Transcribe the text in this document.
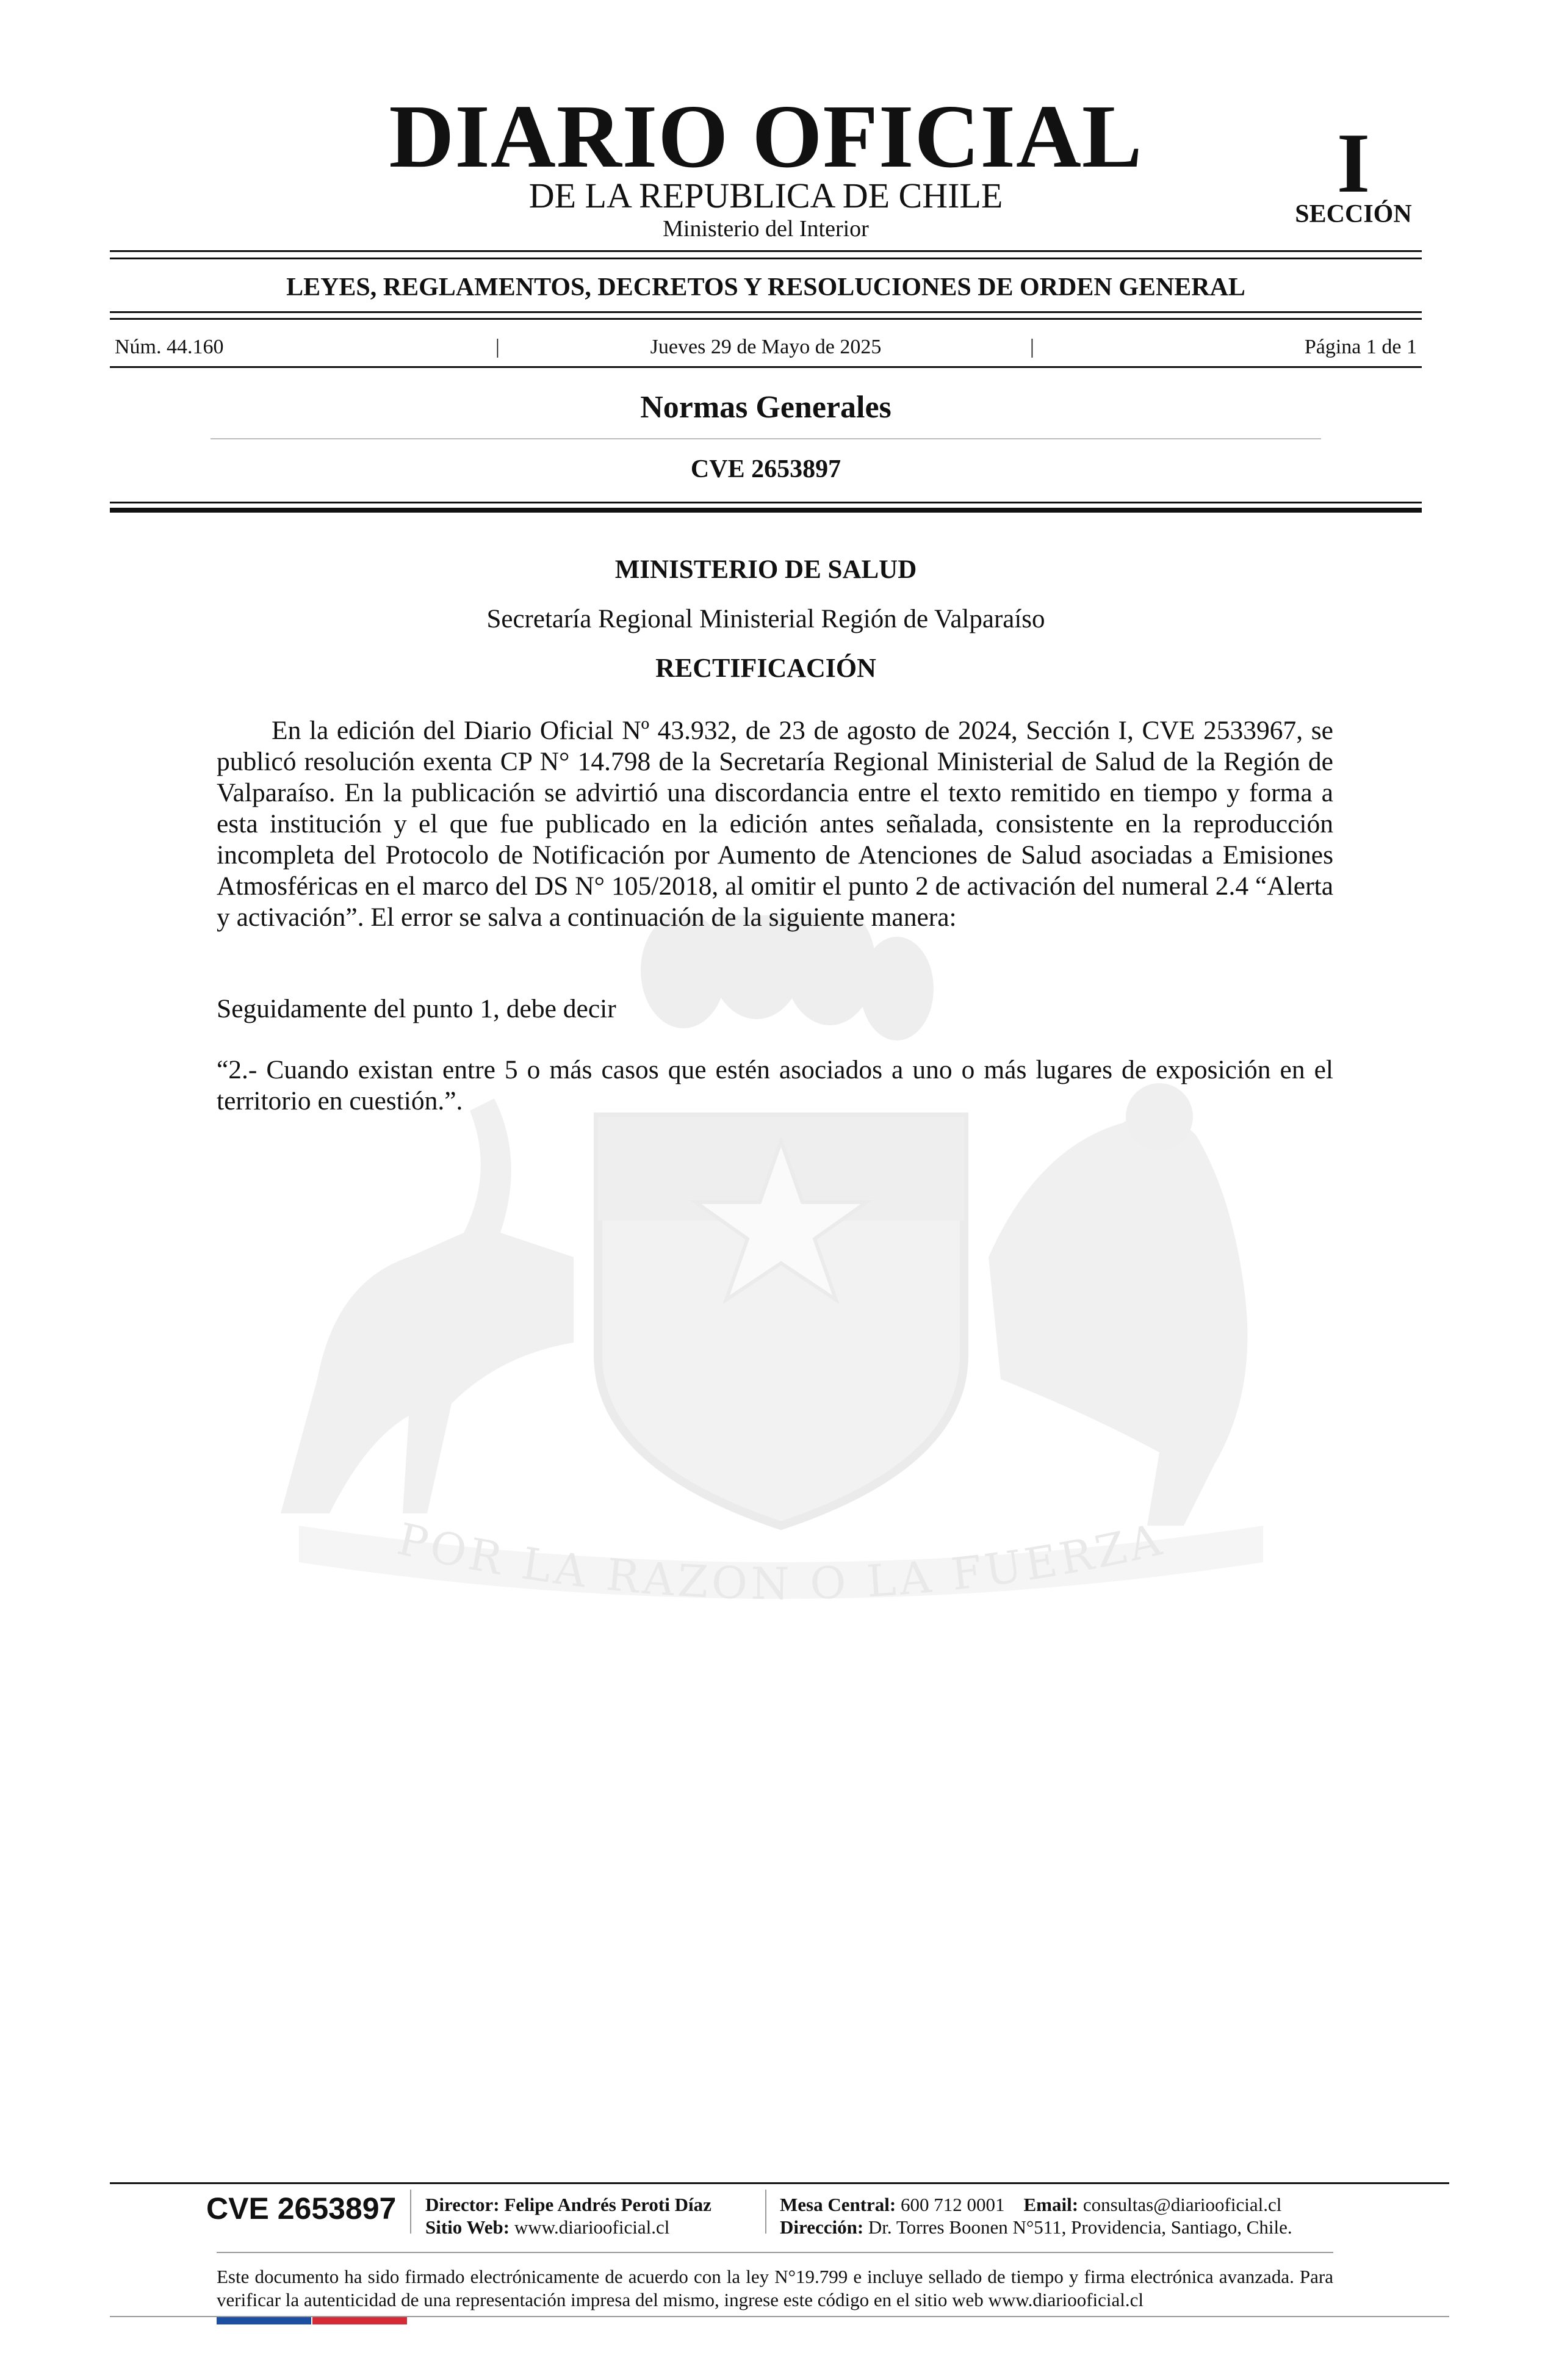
POR LA RAZON O LA FUERZA
DIARIO OFICIAL
DE LA REPUBLICA DE CHILE
Ministerio del Interior
I
SECCIÓN
LEYES, REGLAMENTOS, DECRETOS Y RESOLUCIONES DE ORDEN GENERAL
Núm. 44.160	|	Jueves 29 de Mayo de 2025	|	Página 1 de 1
Normas Generales
CVE 2653897
MINISTERIO DE SALUD
Secretaría Regional Ministerial Región de Valparaíso
RECTIFICACIÓN

En la edición del Diario Oficial Nº 43.932, de 23 de agosto de 2024, Sección I, CVE 2533967, se publicó resolución exenta CP N° 14.798 de la Secretaría Regional Ministerial de Salud de la Región de Valparaíso. En la publicación se advirtió una discordancia entre el texto remitido en tiempo y forma a esta institución y el que fue publicado en la edición antes señalada, consistente en la reproducción incompleta del Protocolo de Notificación por Aumento de Atenciones de Salud asociadas a Emisiones Atmosféricas en el marco del DS N° 105/2018, al omitir el punto 2 de activación del numeral 2.4 “Alerta y activación”. El error se salva a continuación de la siguiente manera:

Seguidamente del punto 1, debe decir

“2.- Cuando existan entre 5 o más casos que estén asociados a uno o más lugares de exposición en el territorio en cuestión.”.

CVE 2653897	Director: Felipe Andrés Peroti Díaz
Sitio Web: www.diariooficial.cl
Mesa Central: 600 712 0001 Email: consultas@diariooficial.cl
Dirección: Dr. Torres Boonen N°511, Providencia, Santiago, Chile.

Este documento ha sido firmado electrónicamente de acuerdo con la ley N°19.799 e incluye sellado de tiempo y firma electrónica avanzada. Para verificar la autenticidad de una representación impresa del mismo, ingrese este código en el sitio web www.diariooficial.cl
